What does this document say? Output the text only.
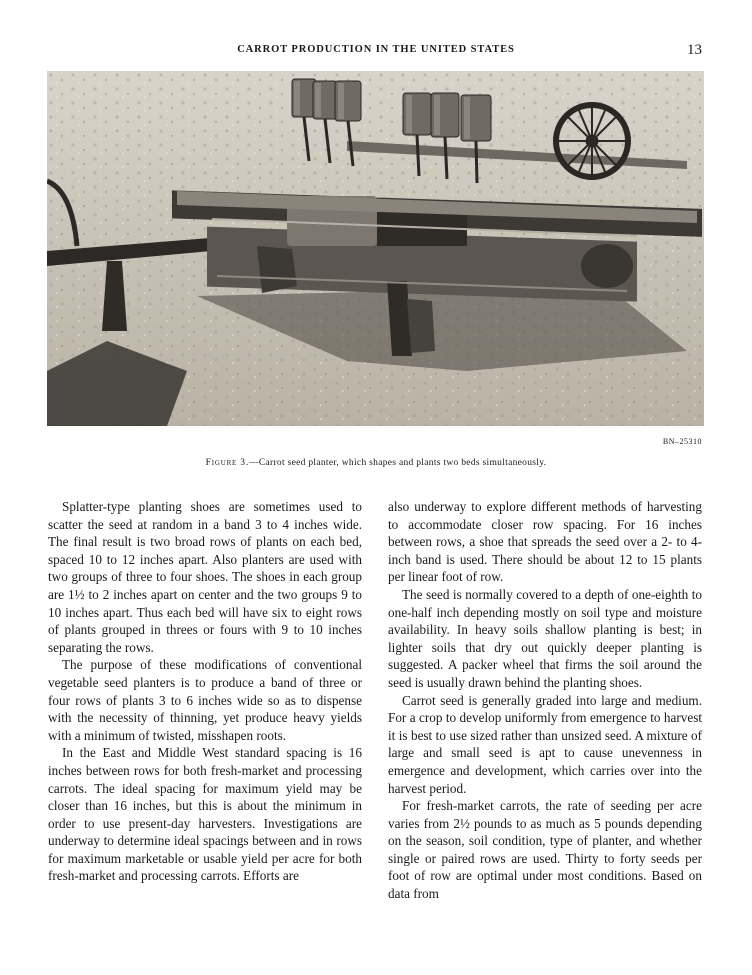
CARROT PRODUCTION IN THE UNITED STATES	13
BN–25310
Figure 3.—Carrot seed planter, which shapes and plants two beds simultaneously.

Splatter-type planting shoes are sometimes used to scatter the seed at random in a band 3 to 4 inches wide. The final result is two broad rows of plants on each bed, spaced 10 to 12 inches apart. Also planters are used with two groups of three to four shoes. The shoes in each group are 1½ to 2 inches apart on center and the two groups 9 to 10 inches apart. Thus each bed will have six to eight rows of plants grouped in threes or fours with 9 to 10 inches separating the rows.

The purpose of these modifications of conventional vegetable seed planters is to produce a band of three or four rows of plants 3 to 6 inches wide so as to dispense with the necessity of thinning, yet produce heavy yields with a minimum of twisted, misshapen roots.

In the East and Middle West standard spacing is 16 inches between rows for both fresh-market and processing carrots. The ideal spacing for maximum yield may be closer than 16 inches, but this is about the minimum in order to use present-day harvesters. Investigations are underway to determine ideal spacings between and in rows for maximum marketable or usable yield per acre for both fresh-market and processing carrots. Efforts are

also underway to explore different methods of harvesting to accommodate closer row spacing. For 16 inches between rows, a shoe that spreads the seed over a 2- to 4-inch band is used. There should be about 12 to 15 plants per linear foot of row.

The seed is normally covered to a depth of one-eighth to one-half inch depending mostly on soil type and moisture availability. In heavy soils shallow planting is best; in lighter soils that dry out quickly deeper planting is suggested. A packer wheel that firms the soil around the seed is usually drawn behind the planting shoes.

Carrot seed is generally graded into large and medium. For a crop to develop uniformly from emergence to harvest it is best to use sized rather than unsized seed. A mixture of large and small seed is apt to cause unevenness in emergence and development, which carries over into the harvest period.

For fresh-market carrots, the rate of seeding per acre varies from 2½ pounds to as much as 5 pounds depending on the season, soil condition, type of planter, and whether single or paired rows are used. Thirty to forty seeds per foot of row are optimal under most conditions. Based on data from
